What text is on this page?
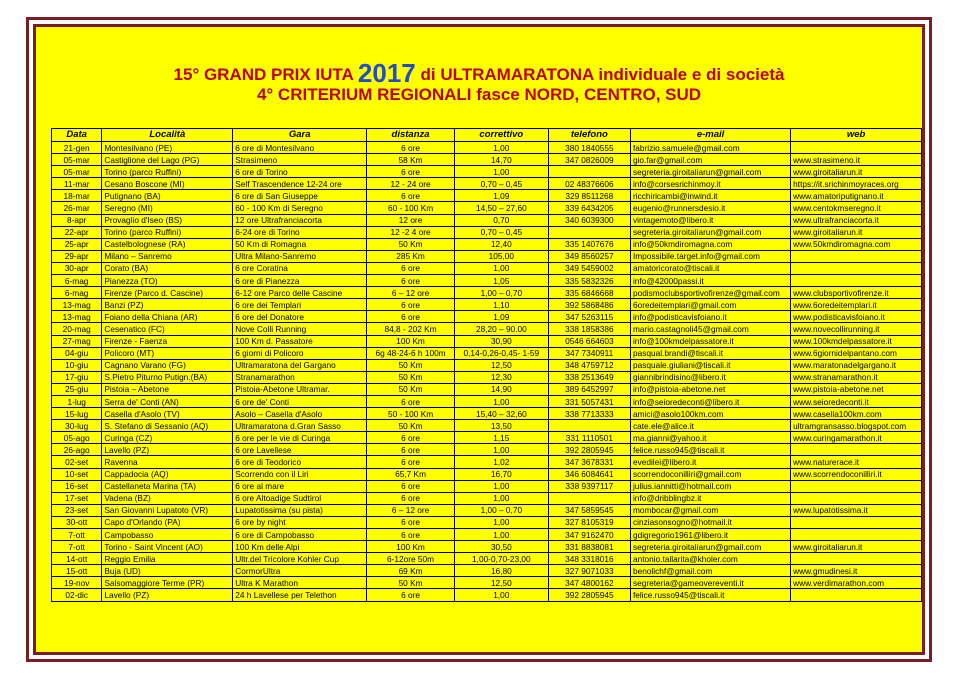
15° GRAND PRIX IUTA 2017 di ULTRAMARATONA individuale e di società
4° CRITERIUM REGIONALI fasce NORD, CENTRO, SUD
Data	Località	Gara	distanza	correttivo	telefono	e-mail	web
21-gen	Montesilvano (PE)	6 ore di Montesilvano	6 ore	1,00	380 1840555	fabrizio.samuele@gmail.com	
05-mar	Castiglione del Lago (PG)	Strasimeno	58 Km	14,70	347 0826009	gio.far@gmail.com	www.strasimeno.it
05-mar	Torino (parco Ruffini)	6 ore di Torino	6 ore	1,00		segreteria.giroitaliarun@gmail.com	www.giroitaliarun.it
11-mar	Cesano Boscone (MI)	Self Trascendence 12-24 ore	12 - 24 ore	0,70 – 0,45	02 48376606	info@corsesrichinmoy.it	https://it.srichinmoyraces.org
18-mar	Putignano (BA)	6 ore di San Giuseppe	6 ore	1,09	329 8511268	ricchiricambi@inwind.it	www.amatoriputignano.it
26-mar	Seregno (MI)	60 - 100 Km di Seregno	60 - 100 Km	14,50 – 27,60	339 6434205	eugenio@runnersdesio.it	www.centokmseregno.it
8-apr	Provaglio d'Iseo (BS)	12 ore Ultrafranciacorta	12 ore	0,70	340 6039300	vintagemoto@libero.it	www.ultrafranciacorta.it
22-apr	Torino (parco Ruffini)	6-24 ore di Torino	12 -2 4 ore	0,70 – 0,45		segreteria.giroitaliarun@gmail.com	www.giroitaliarun.it
25-apr	Castelbolognese (RA)	50 Km di Romagna	50 Km	12,40	335 1407676	info@50kmdiromagna.com	www.50kmdiromagna.com
29-apr	Milano – Sanremo	Ultra Milano-Sanremo	285 Km	105,00	349 8560257	Impossibile.target.info@gmail.com	
30-apr	Corato (BA)	6 ore Coratina	6 ore	1,00	349 5459002	amatoricorato@tiscali.it	
6-mag	Pianezza (TO)	6 ore di Pianezza	6 ore	1,05	335 5832326	info@42000passi.it	
6-mag	Firenze (Parco d. Cascine)	6-12 ore Parco delle Cascine	6 – 12 ore	1,00 – 0,70	335 6846668	podismoclubsportivofirenze@gmail.com	www.clubsportivofirenze.it
13-mag	Banzi (PZ)	6 ore dei Templari	6 ore	1,10	392 5868486	6oredeitemplari@gmail.com	www.6oredeitemplari.it
13-mag	Foiano della Chiana (AR)	6 ore del Donatore	6 ore	1,09	347 5263115	info@podisticavisfoiano.it	www.podisticavisfoiano.it
20-mag	Cesenatico (FC)	Nove Colli Running	84,8 - 202 Km	28,20 – 90.00	338 1858386	mario.castagnoli45@gmail.com	www.novecollirunning.it
27-mag	Firenze - Faenza	100 Km d. Passatore	100 Km	30,90	0546 664603	info@100kmdelpassatore.it	www.100kmdelpassatore.it
04-giu	Policoro (MT)	6 giorni di Policoro	6g 48-24-6 h 100m	0,14-0,26-0,45- 1-59	347 7340911	pasqual.brandi@tiscali.it	www.6giornidelpantano.com
10-giu	Cagnano Varano (FG)	Ultramaratona del Gargano	50 Km	12,50	348 4759712	pasquale.giuliani@tiscali.it	www.maratonadelgargano.it
17-giu	S.Pietro Piturno Putign.(BA)	Stranamarathon	50 Km	12,30	338 2513649	giannibrindisino@libero.it	www.stranamarathon.it
25-giu	Pistoia – Abetone	Pistoia-Abetone Ultramar.	50 Km	14,90	389 6452997	info@pistoia-abetone.net	www.pistoia-abetone.net
1-lug	Serra de' Conti (AN)	6 ore de' Conti	6 ore	1,00	331 5057431	info@seioredeconti@libero.it	www.seioredeconti.it
15-lug	Casella d'Asolo (TV)	Asolo – Casella d'Asolo	50 - 100 Km	15,40 – 32,60	338 7713333	amici@asolo100km.com	www.casella100km.com
30-lug	S. Stefano di Sessanio (AQ)	Ultramaratona d.Gran Sasso	50 Km	13,50		cate.ele@alice.it	ultramgransasso.blogspot.com
05-ago	Curinga (CZ)	6 ore per le vie di Curinga	6 ore	1,15	331 1110501	ma.gianni@yahoo.it	www.curingamarathon.it
26-ago	Lavello (PZ)	6 ore Lavellese	6 ore	1,00	392 2805945	felice.russo945@tiscali.it	
02-set	Ravenna	6 ore di Teodorico	6 ore	1,02	347 3678331	evedilei@libero.it	www.naturerace.it
10-set	Cappadocia (AQ)	Scorrendo con il Liri	65,7 Km	16,70	346 6084641	scorrendoconilliri@gmail.com	www.scorrendoconilliri.it
16-set	Castellaneta Marina (TA)	6 ore al mare	6 ore	1,00	338 9397117	julius.iannitti@hotmail.com	
17-set	Vadena (BZ)	6 ore Altoadige Sudtirol	6 ore	1,00		info@dribblingbz.it	
23-set	San Giovanni Lupatoto (VR)	Lupatotissima (su pista)	6 – 12 ore	1,00 – 0,70	347 5859545	mombocar@gmail.com	www.lupatotissima.it
30-ott	Capo d'Orlando (PA)	6 ore by night	6 ore	1,00	327 8105319	cinziasonsogno@hotmail.it	
7-ott	Campobasso	6 ore di Campobasso	6 ore	1,00	347 9162470	gdigregorio1961@libero.it	
7-ott	Torino - Saint Vincent (AO)	100 Km delle Alpi	100 Km	30,50	331 8838081	segreteria.giroitaliarun@gmail.com	www.giroitaliarun.it
14-ott	Reggio Emilia	Ultr.del Tricolore Kohler Cup	6-12ore 50m	1,00-0,70-23,00	348 3318016	antonio.tallarita@kholer.com	
15-ott	Buja (UD)	CormorUltra	69 Km	16,80	327 9071033	benolichf@gmail.com	www.gmudinesi.it
19-nov	Salsomaggiore Terme (PR)	Ultra K Marathon	50 Km	12,50	347 4800162	segreteria@gameovereventi.it	www.verdimarathon.com
02-dic	Lavello (PZ)	24 h Lavellese per Telethon	6 ore	1,00	392 2805945	felice.russo945@tiscali.it	
